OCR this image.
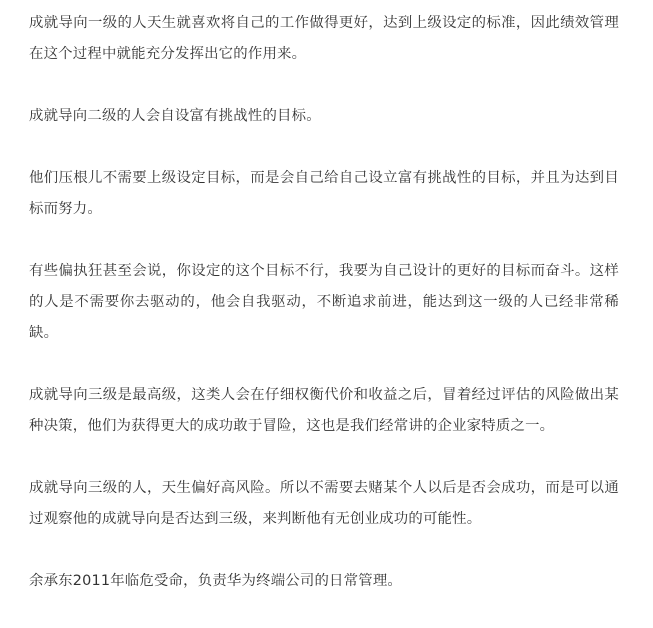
成就导向一级的人天生就喜欢将自己的工作做得更好，达到上级设定的标准，因此绩效管理在这个过程中就能充分发挥出它的作用来。

成就导向二级的人会自设富有挑战性的目标。

他们压根儿不需要上级设定目标，而是会自己给自己设立富有挑战性的目标，并且为达到目标而努力。

有些偏执狂甚至会说，你设定的这个目标不行，我要为自己设计的更好的目标而奋斗。这样的人是不需要你去驱动的，他会自我驱动，不断追求前进，能达到这一级的人已经非常稀缺。

成就导向三级是最高级，这类人会在仔细权衡代价和收益之后，冒着经过评估的风险做出某种决策，他们为获得更大的成功敢于冒险，这也是我们经常讲的企业家特质之一。

成就导向三级的人，天生偏好高风险。所以不需要去赌某个人以后是否会成功，而是可以通过观察他的成就导向是否达到三级，来判断他有无创业成功的可能性。

余承东2011年临危受命，负责华为终端公司的日常管理。
